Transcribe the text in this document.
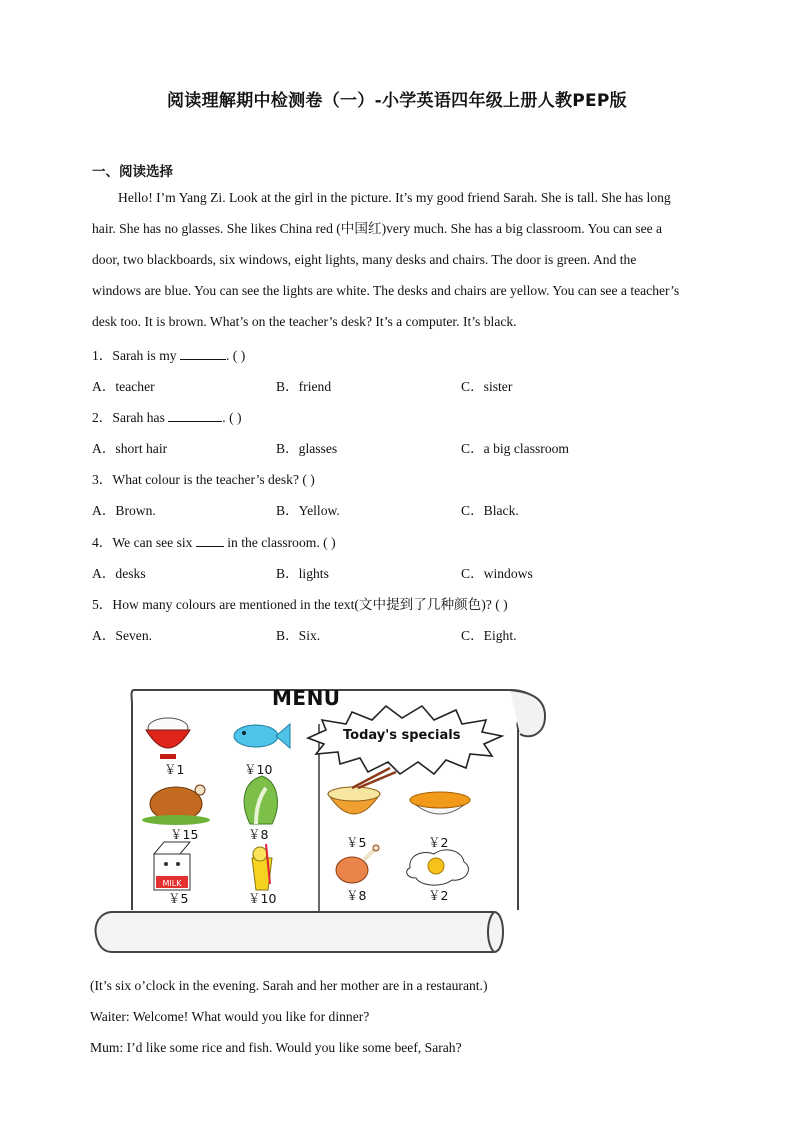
阅读理解期中检测卷（一）-小学英语四年级上册人教PEP版
一、阅读选择
Hello! I’m Yang Zi. Look at the girl in the picture. It’s my good friend Sarah. She is tall. She has long
hair. She has no glasses. She likes China red (中国红)very much. She has a big classroom. You can see a
door, two blackboards, six windows, eight lights, many desks and chairs. The door is green. And the
windows are blue. You can see the lights are white. The desks and chairs are yellow. You can see a teacher’s
desk too. It is brown. What’s on the teacher’s desk? It’s a computer. It’s black.
1．Sarah is my	. ( )
A．teacher	B．friend	C．sister
2．Sarah has	. ( )
A．short hair	B．glasses	C．a big classroom
3．What colour is the teacher’s desk? ( )
A．Brown.	B．Yellow.	C．Black.
4．We can see six  in the classroom. ( )
A．desks	B．lights	C．windows
5．How many colours are mentioned in the text(文中提到了几种颜色)? ( )
A．Seven.	B．Six.	C．Eight.
MILK
MENU
Today's specials
￥1	￥10
￥15	￥8
￥5	￥10
￥5	￥2
￥8	￥2
(It’s six o’clock in the evening. Sarah and her mother are in a restaurant.)
Waiter: Welcome! What would you like for dinner?
Mum: I’d like some rice and fish. Would you like some beef, Sarah?
